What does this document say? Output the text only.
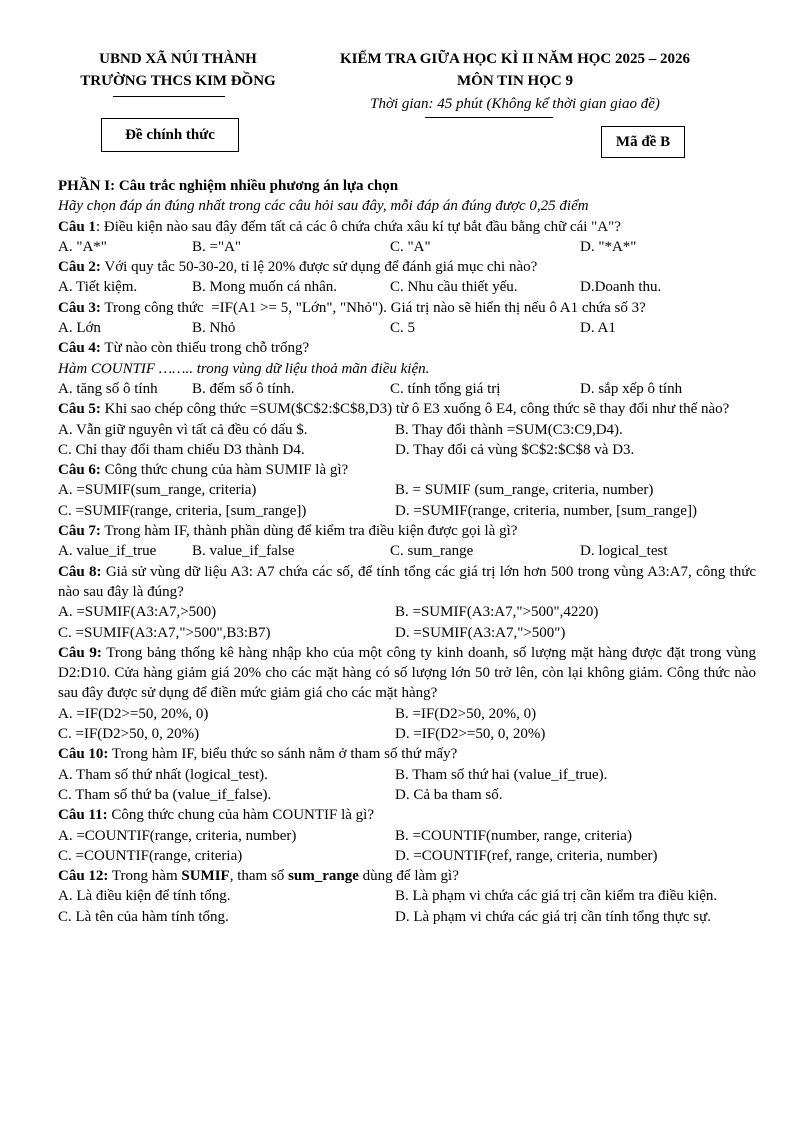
UBND XÃ NÚI THÀNH
TRƯỜNG THCS KIM ĐỒNG
KIỂM TRA GIỮA HỌC KÌ II NĂM HỌC 2025 – 2026
MÔN TIN HỌC 9
Thời gian: 45 phút (Không kể thời gian giao đề)
Đề chính thức	Mã đề B
PHẦN I: Câu trắc nghiệm nhiều phương án lựa chọn
Hãy chọn đáp án đúng nhất trong các câu hỏi sau đây, mỗi đáp án đúng được 0,25 điểm
Câu 1: Điều kiện nào sau đây đếm tất cả các ô chứa chứa xâu kí tự bắt đầu bằng chữ cái "A"?
A. "A*"	B. ="A"	C. "A"	D. "*A*"
Câu 2: Với quy tắc 50-30-20, tỉ lệ 20% được sử dụng để đánh giá mục chi nào?
A. Tiết kiệm.	B. Mong muốn cá nhân.	C. Nhu cầu thiết yếu.	D.Doanh thu.
Câu 3: Trong công thức  =IF(A1 >= 5, "Lớn", "Nhỏ"). Giá trị nào sẽ hiển thị nếu ô A1 chứa số 3?
A. Lớn	B. Nhỏ	C. 5	D. A1
Câu 4: Từ nào còn thiếu trong chỗ trống?
Hàm COUNTIF …….. trong vùng dữ liệu thoả mãn điều kiện.
A. tăng số ô tính	B. đếm số ô tính.	C. tính tổng giá trị	D. sắp xếp ô tính
Câu 5: Khi sao chép công thức =SUM($C$2:$C$8,D3) từ ô E3 xuống ô E4, công thức sẽ thay đổi như thế nào?
A. Vẫn giữ nguyên vì tất cả đều có dấu $.	B. Thay đổi thành =SUM(C3:C9,D4).
C. Chỉ thay đổi tham chiếu D3 thành D4.	D. Thay đổi cả vùng $C$2:$C$8 và D3.
Câu 6: Công thức chung của hàm SUMIF là gì?
A. =SUMIF(sum_range, criteria)	B. = SUMIF (sum_range, criteria, number)
C. =SUMIF(range, criteria, [sum_range])	D. =SUMIF(range, criteria, number, [sum_range])
Câu 7: Trong hàm IF, thành phần dùng để kiểm tra điều kiện được gọi là gì?
A. value_if_true	B. value_if_false	C. sum_range	D. logical_test
Câu 8: Giả sử vùng dữ liệu A3: A7 chứa các số, để tính tổng các giá trị lớn hơn 500 trong vùng A3:A7, công thức nào sau đây là đúng?
A. =SUMIF(A3:A7,>500)	B. =SUMIF(A3:A7,">500",4220)
C. =SUMIF(A3:A7,">500",B3:B7)	D. =SUMIF(A3:A7,">500")
Câu 9: Trong bảng thống kê hàng nhập kho của một công ty kinh doanh, số lượng mặt hàng được đặt trong vùng D2:D10. Cửa hàng giảm giá 20% cho các mặt hàng có số lượng lớn 50 trở lên, còn lại không giảm. Công thức nào sau đây được sử dụng để điền mức giảm giá cho các mặt hàng?
A. =IF(D2>=50, 20%, 0)	B. =IF(D2>50, 20%, 0)
C. =IF(D2>50, 0, 20%)	D. =IF(D2>=50, 0, 20%)
Câu 10: Trong hàm IF, biểu thức so sánh nằm ở tham số thứ mấy?
A. Tham số thứ nhất (logical_test).	B. Tham số thứ hai (value_if_true).
C. Tham số thứ ba (value_if_false).	D. Cả ba tham số.
Câu 11: Công thức chung của hàm COUNTIF là gì?
A. =COUNTIF(range, criteria, number)	B. =COUNTIF(number, range, criteria)
C. =COUNTIF(range, criteria)	D. =COUNTIF(ref, range, criteria, number)
Câu 12: Trong hàm SUMIF, tham số sum_range dùng để làm gì?
A. Là điều kiện để tính tổng.	B. Là phạm vi chứa các giá trị cần kiểm tra điều kiện.
C. Là tên của hàm tính tổng.	D. Là phạm vi chứa các giá trị cần tính tổng thực sự.
